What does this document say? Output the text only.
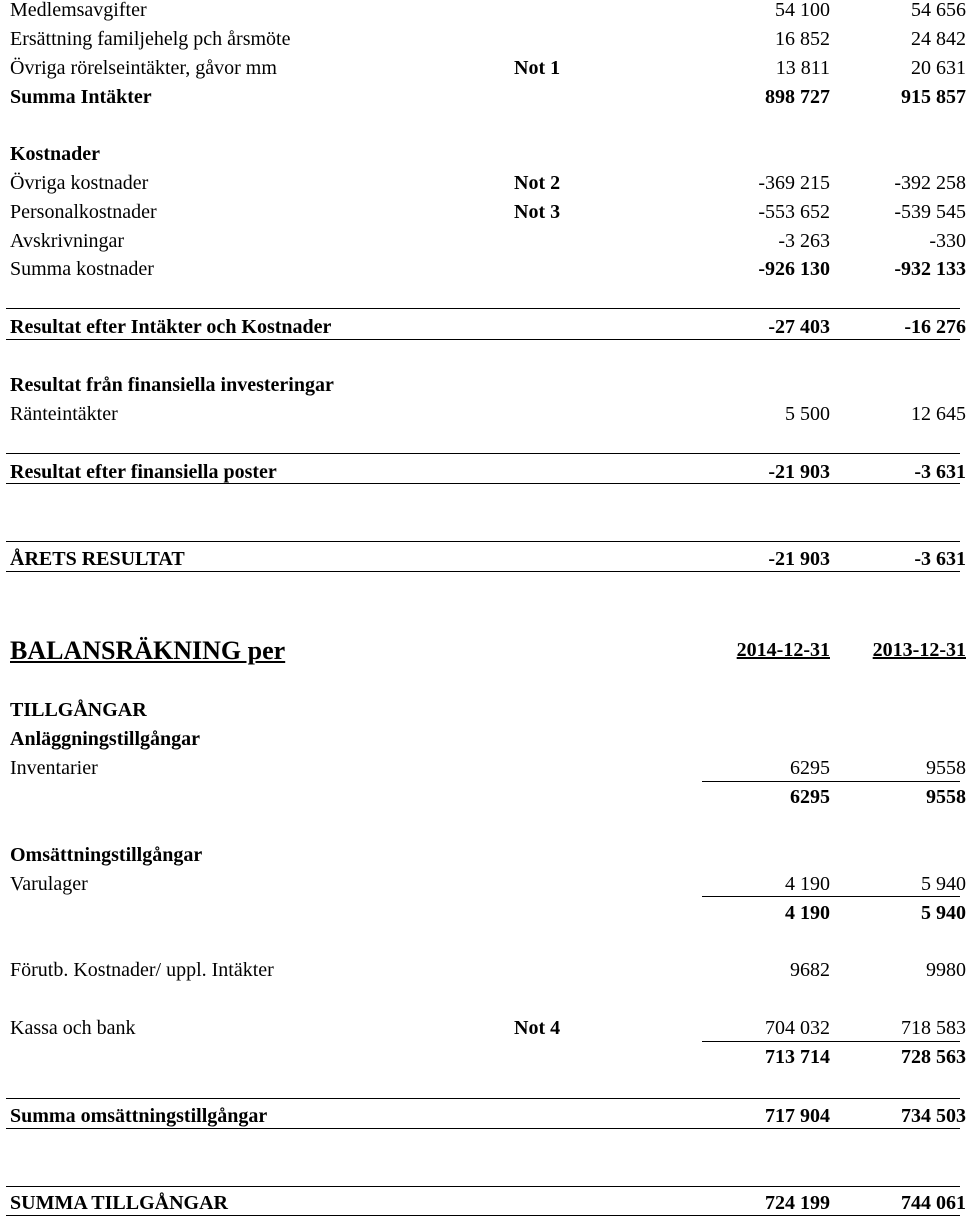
Medlemsavgifter	54 100	54 656
Ersättning familjehelg pch årsmöte	16 852	24 842
Övriga rörelseintäkter, gåvor mm	Not 1	13 811	20 631
Summa Intäkter	898 727	915 857
Kostnader
Övriga kostnader	Not 2	-369 215	-392 258
Personalkostnader	Not 3	-553 652	-539 545
Avskrivningar	-3 263	-330
Summa kostnader	-926 130	-932 133
Resultat efter Intäkter och Kostnader	-27 403	-16 276
Resultat från finansiella investeringar
Ränteintäkter	5 500	12 645
Resultat efter finansiella poster	-21 903	-3 631
ÅRETS RESULTAT	-21 903	-3 631
BALANSRÄKNING per	2014-12-31 2013-12-31
TILLGÅNGAR
Anläggningstillgångar
Inventarier	6295	9558
6295	9558
Omsättningstillgångar
Varulager	4 190	5 940
4 190	5 940
Förutb. Kostnader/ uppl. Intäkter	9682	9980
Kassa och bank	Not 4	704 032	718 583
713 714	728 563
Summa omsättningstillgångar	717 904	734 503
SUMMA TILLGÅNGAR	724 199	744 061
